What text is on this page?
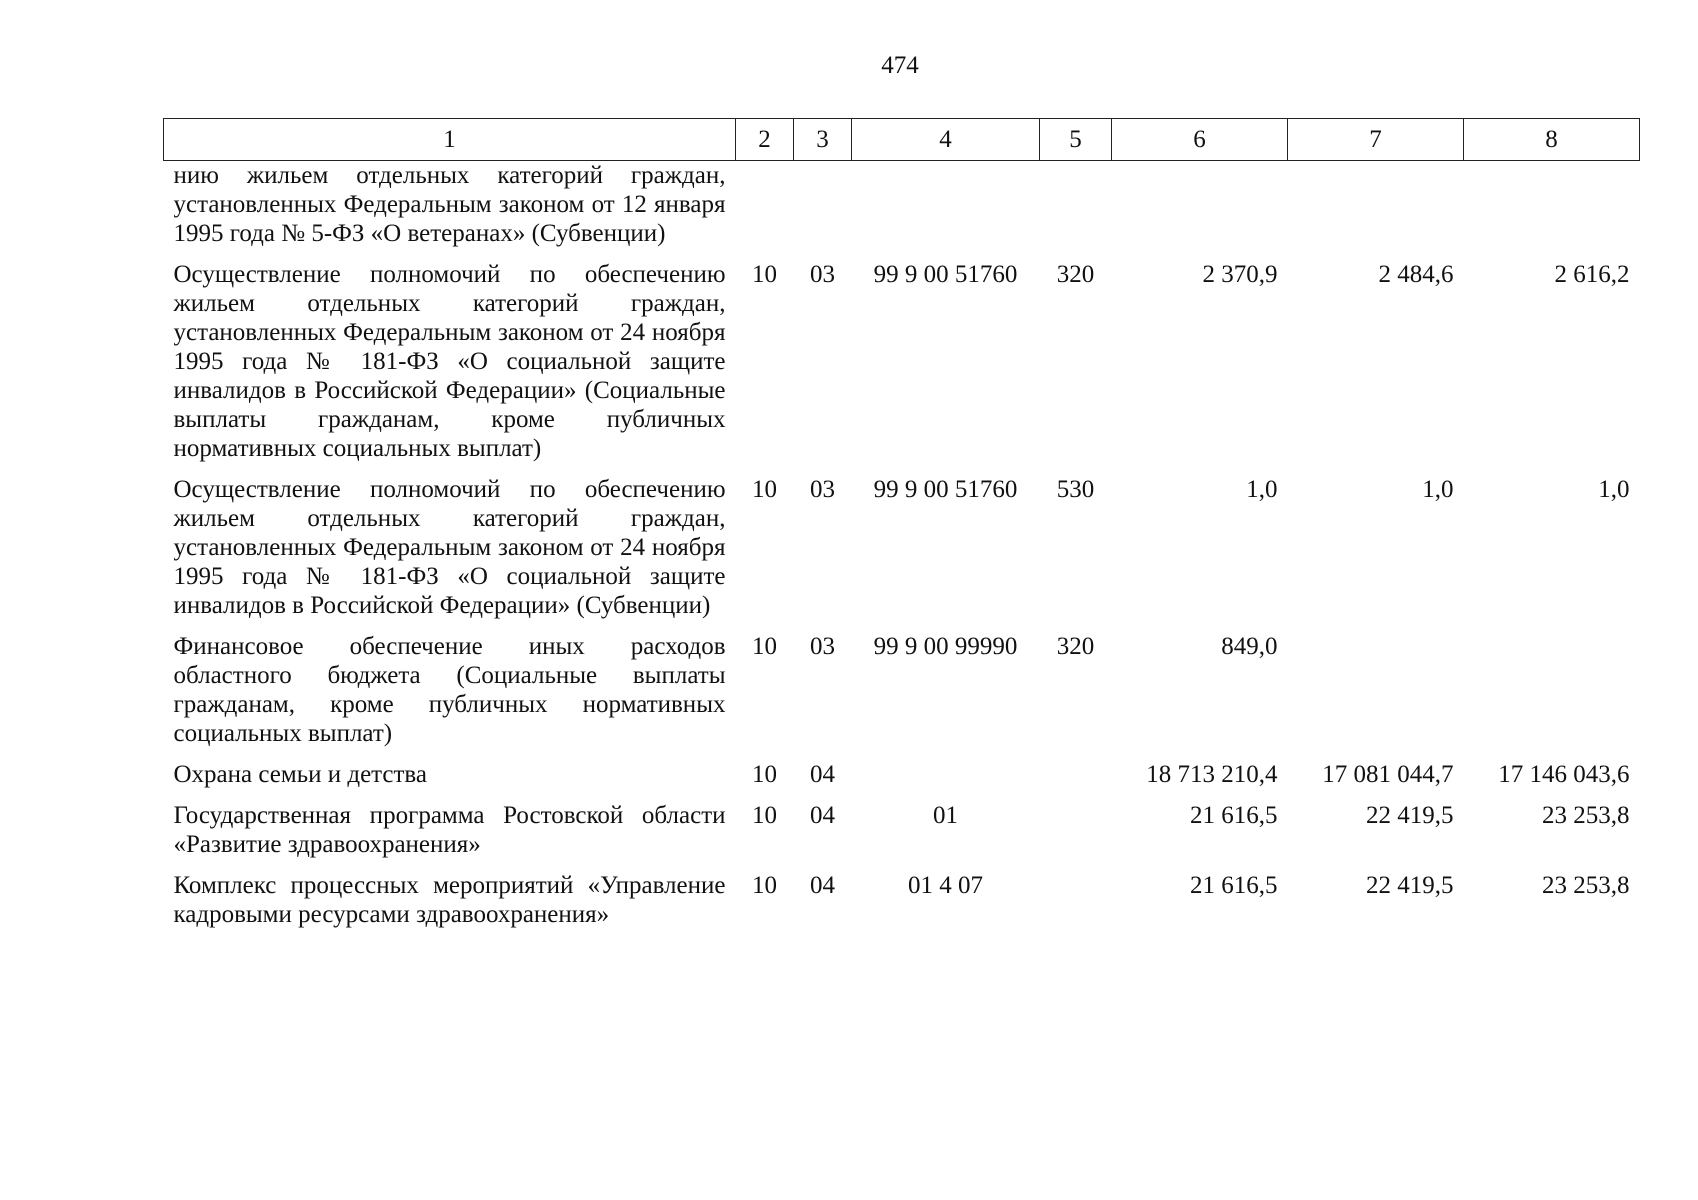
474
1	2	3	4	5	6	7	8
нию жильем отдельных категорий граждан, установленных Федеральным законом от 12 января 1995 года № 5-ФЗ «О ветеранах» (Субвенции)							
Осуществление полномочий по обеспечению жильем отдельных категорий граждан, установленных Федеральным законом от 24 ноября 1995 года № 181-ФЗ «О социальной защите инвалидов в Российской Федерации» (Социальные выплаты гражданам, кроме публичных нормативных социальных выплат)	10	03	99 9 00 51760	320	2 370,9	2 484,6	2 616,2
Осуществление полномочий по обеспечению жильем отдельных категорий граждан, установленных Федеральным законом от 24 ноября 1995 года № 181-ФЗ «О социальной защите инвалидов в Российской Федерации» (Субвенции)	10	03	99 9 00 51760	530	1,0	1,0	1,0
Финансовое обеспечение иных расходов областного бюджета (Социальные выплаты гражданам, кроме публичных нормативных социальных выплат)	10	03	99 9 00 99990	320	849,0		
Охрана семьи и детства	10	04			18 713 210,4	17 081 044,7	17 146 043,6
Государственная программа Ростовской области «Развитие здравоохранения»	10	04	01		21 616,5	22 419,5	23 253,8
Комплекс процессных мероприятий «Управление кадровыми ресурсами здравоохранения»	10	04	01 4 07		21 616,5	22 419,5	23 253,8
